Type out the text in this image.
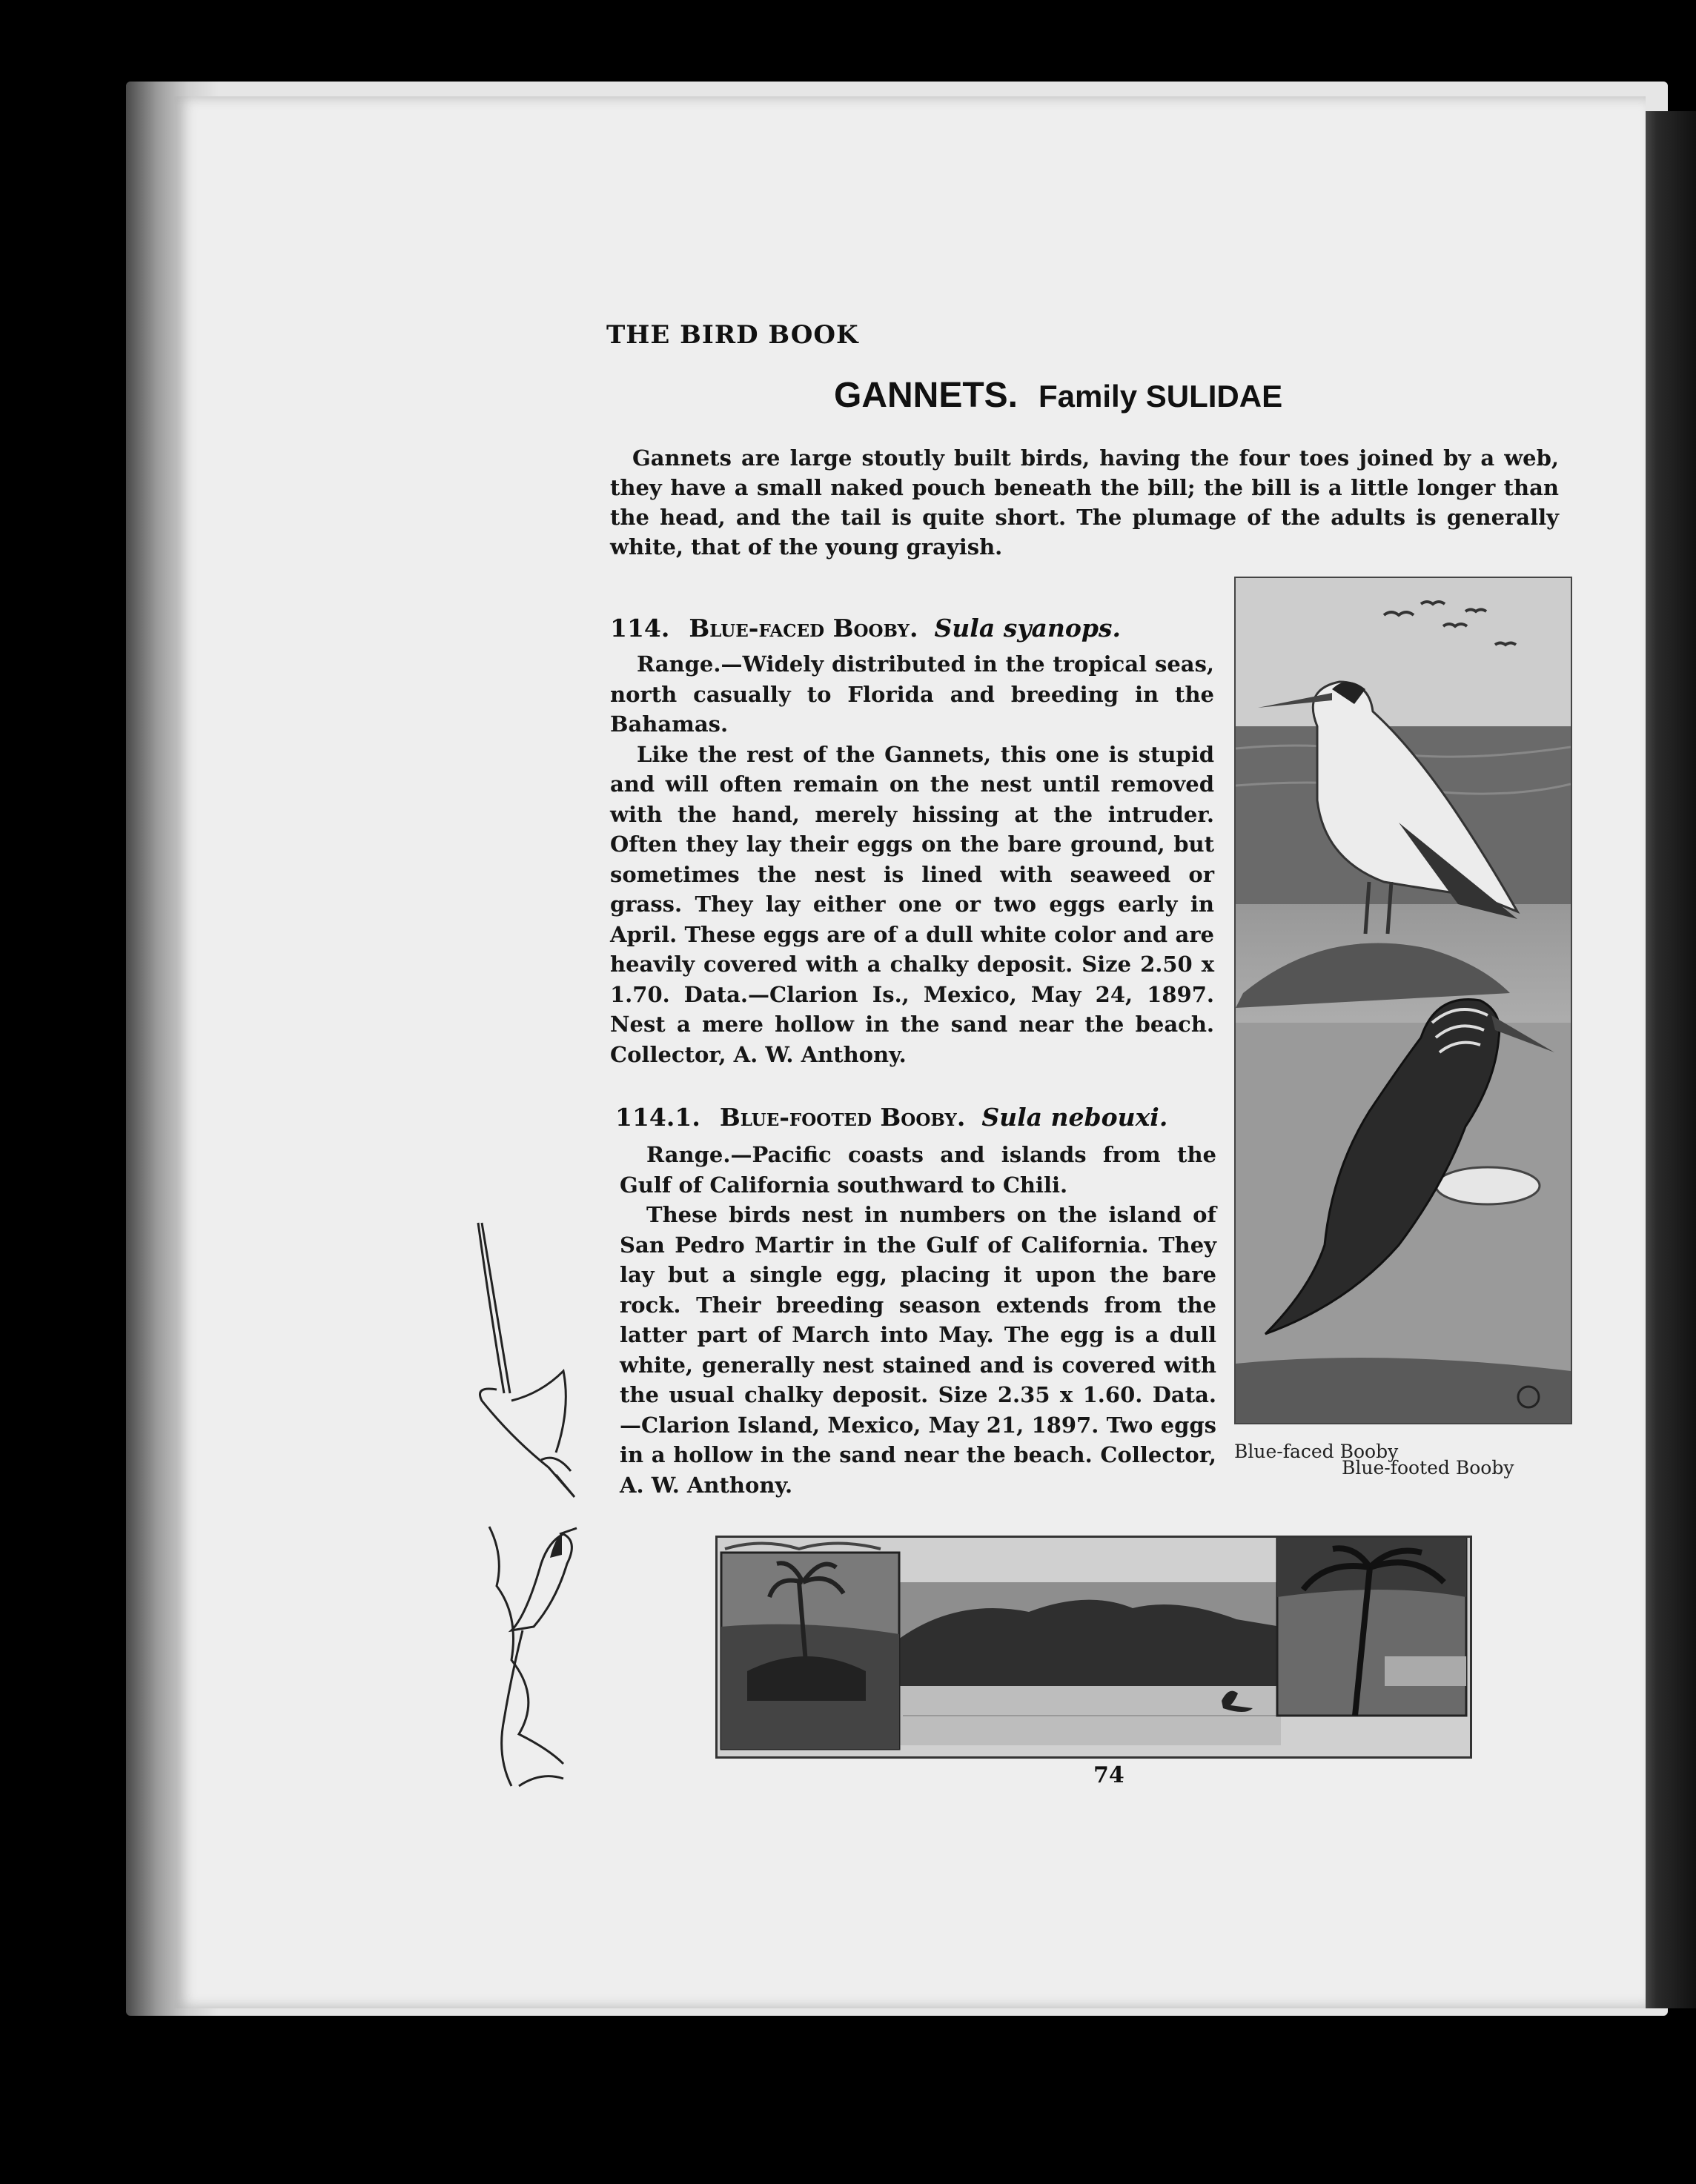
THE BIRD BOOK
GANNETS. Family SULIDAE
Gannets are large stoutly built birds, having the four toes joined by a web, they have a small naked pouch beneath the bill; the bill is a little longer than the head, and the tail is quite short. The plumage of the adults is generally white, that of the young grayish.
114. Blue-faced Booby. Sula syanops.

Range.—Widely distributed in the tropical seas, north casually to Florida and breeding in the Bahamas.

Like the rest of the Gannets, this one is stupid and will often remain on the nest until removed with the hand, merely hissing at the intruder. Often they lay their eggs on the bare ground, but sometimes the nest is lined with seaweed or grass. They lay either one or two eggs early in April. These eggs are of a dull white color and are heavily covered with a chalky deposit. Size 2.50 x 1.70. Data.—Clarion Is., Mexico, May 24, 1897. Nest a mere hollow in the sand near the beach. Collector, A. W. Anthony.

114.1. Blue-footed Booby. Sula nebouxi.

Range.—Pacific coasts and islands from the Gulf of California southward to Chili.

These birds nest in numbers on the island of San Pedro Martir in the Gulf of California. They lay but a single egg, placing it upon the bare rock. Their breeding season extends from the latter part of March into May. The egg is a dull white, generally nest stained and is covered with the usual chalky deposit. Size 2.35 x 1.60. Data. —Clarion Island, Mexico, May 21, 1897. Two eggs in a hollow in the sand near the beach. Collector, A. W. Anthony.

Blue-faced Booby
Blue-footed Booby
74
